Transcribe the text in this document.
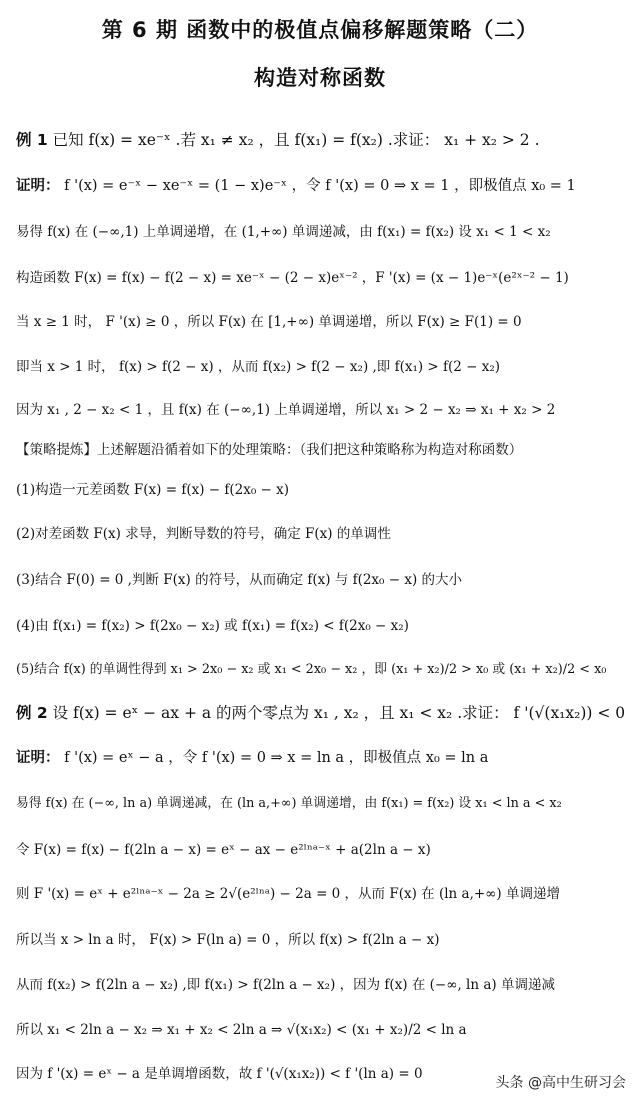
第 6 期 函数中的极值点偏移解题策略（二）
构造对称函数
例 1 已知 f(x) = xe⁻ˣ .若 x₁ ≠ x₂ ，且 f(x₁) = f(x₂) .求证： x₁ + x₂ > 2 .
证明： f '(x) = e⁻ˣ − xe⁻ˣ = (1 − x)e⁻ˣ ，令 f '(x) = 0 ⇒ x = 1 ，即极值点 x₀ = 1
易得 f(x) 在 (−∞,1) 上单调递增，在 (1,+∞) 单调递减，由 f(x₁) = f(x₂) 设 x₁ < 1 < x₂
构造函数 F(x) = f(x) − f(2 − x) = xe⁻ˣ − (2 − x)eˣ⁻² ，F '(x) = (x − 1)e⁻ˣ(e²ˣ⁻² − 1)
当 x ≥ 1 时， F '(x) ≥ 0 ，所以 F(x) 在 [1,+∞) 单调递增，所以 F(x) ≥ F(1) = 0
即当 x > 1 时， f(x) > f(2 − x) ，从而 f(x₂) > f(2 − x₂) ,即 f(x₁) > f(2 − x₂)
因为 x₁ , 2 − x₂ < 1 ，且 f(x) 在 (−∞,1) 上单调递增，所以 x₁ > 2 − x₂ ⇒ x₁ + x₂ > 2
【策略提炼】上述解题沿循着如下的处理策略：（我们把这种策略称为构造对称函数）
(1)构造一元差函数 F(x) = f(x) − f(2x₀ − x)
(2)对差函数 F(x) 求导，判断导数的符号，确定 F(x) 的单调性
(3)结合 F(0) = 0 ,判断 F(x) 的符号，从而确定 f(x) 与 f(2x₀ − x) 的大小
(4)由 f(x₁) = f(x₂) > f(2x₀ − x₂) 或 f(x₁) = f(x₂) < f(2x₀ − x₂)
(5)结合 f(x) 的单调性得到 x₁ > 2x₀ − x₂ 或 x₁ < 2x₀ − x₂ ，即 (x₁ + x₂)/2 > x₀ 或 (x₁ + x₂)/2 < x₀
例 2 设 f(x) = eˣ − ax + a 的两个零点为 x₁ , x₂ ，且 x₁ < x₂ .求证： f '(√(x₁x₂)) < 0
证明： f '(x) = eˣ − a ，令 f '(x) = 0 ⇒ x = ln a ，即极值点 x₀ = ln a
易得 f(x) 在 (−∞, ln a) 单调递减，在 (ln a,+∞) 单调递增，由 f(x₁) = f(x₂) 设 x₁ < ln a < x₂
令 F(x) = f(x) − f(2ln a − x) = eˣ − ax − e²ˡⁿᵃ⁻ˣ + a(2ln a − x)
则 F '(x) = eˣ + e²ˡⁿᵃ⁻ˣ − 2a ≥ 2√(e²ˡⁿᵃ) − 2a = 0 ，从而 F(x) 在 (ln a,+∞) 单调递增
所以当 x > ln a 时， F(x) > F(ln a) = 0 ，所以 f(x) > f(2ln a − x)
从而 f(x₂) > f(2ln a − x₂) ,即 f(x₁) > f(2ln a − x₂) ，因为 f(x) 在 (−∞, ln a) 单调递减
所以 x₁ < 2ln a − x₂ ⇒ x₁ + x₂ < 2ln a ⇒ √(x₁x₂) < (x₁ + x₂)/2 < ln a
因为 f '(x) = eˣ − a 是单调增函数，故 f '(√(x₁x₂)) < f '(ln a) = 0
头条 @高中生研习会
